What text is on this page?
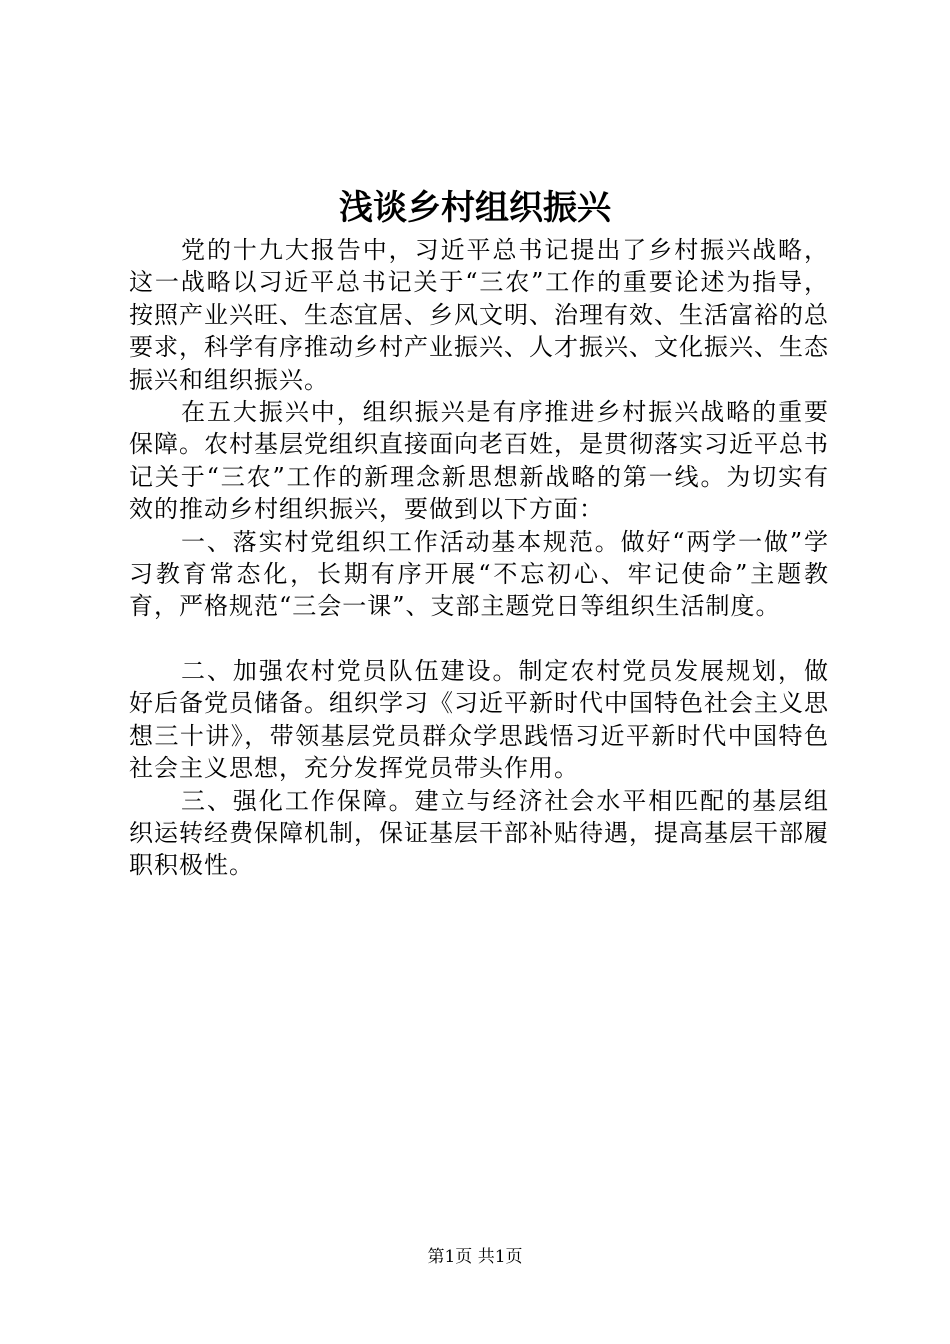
浅谈乡村组织振兴

党的十九大报告中，习近平总书记提出了乡村振兴战略，这一战略以习近平总书记关于“三农”工作的重要论述为指导，按照产业兴旺、生态宜居、乡风文明、治理有效、生活富裕的总要求，科学有序推动乡村产业振兴、人才振兴、文化振兴、生态振兴和组织振兴。

在五大振兴中，组织振兴是有序推进乡村振兴战略的重要保障。农村基层党组织直接面向老百姓，是贯彻落实习近平总书记关于“三农”工作的新理念新思想新战略的第一线。为切实有效的推动乡村组织振兴，要做到以下方面：

一、落实村党组织工作活动基本规范。做好“两学一做”学习教育常态化，长期有序开展“不忘初心、牢记使命”主题教育，严格规范“三会一课”、支部主题党日等组织生活制度。

二、加强农村党员队伍建设。制定农村党员发展规划，做好后备党员储备。组织学习《习近平新时代中国特色社会主义思想三十讲》，带领基层党员群众学思践悟习近平新时代中国特色社会主义思想，充分发挥党员带头作用。

三、强化工作保障。建立与经济社会水平相匹配的基层组织运转经费保障机制，保证基层干部补贴待遇，提高基层干部履职积极性。

第1页 共1页
